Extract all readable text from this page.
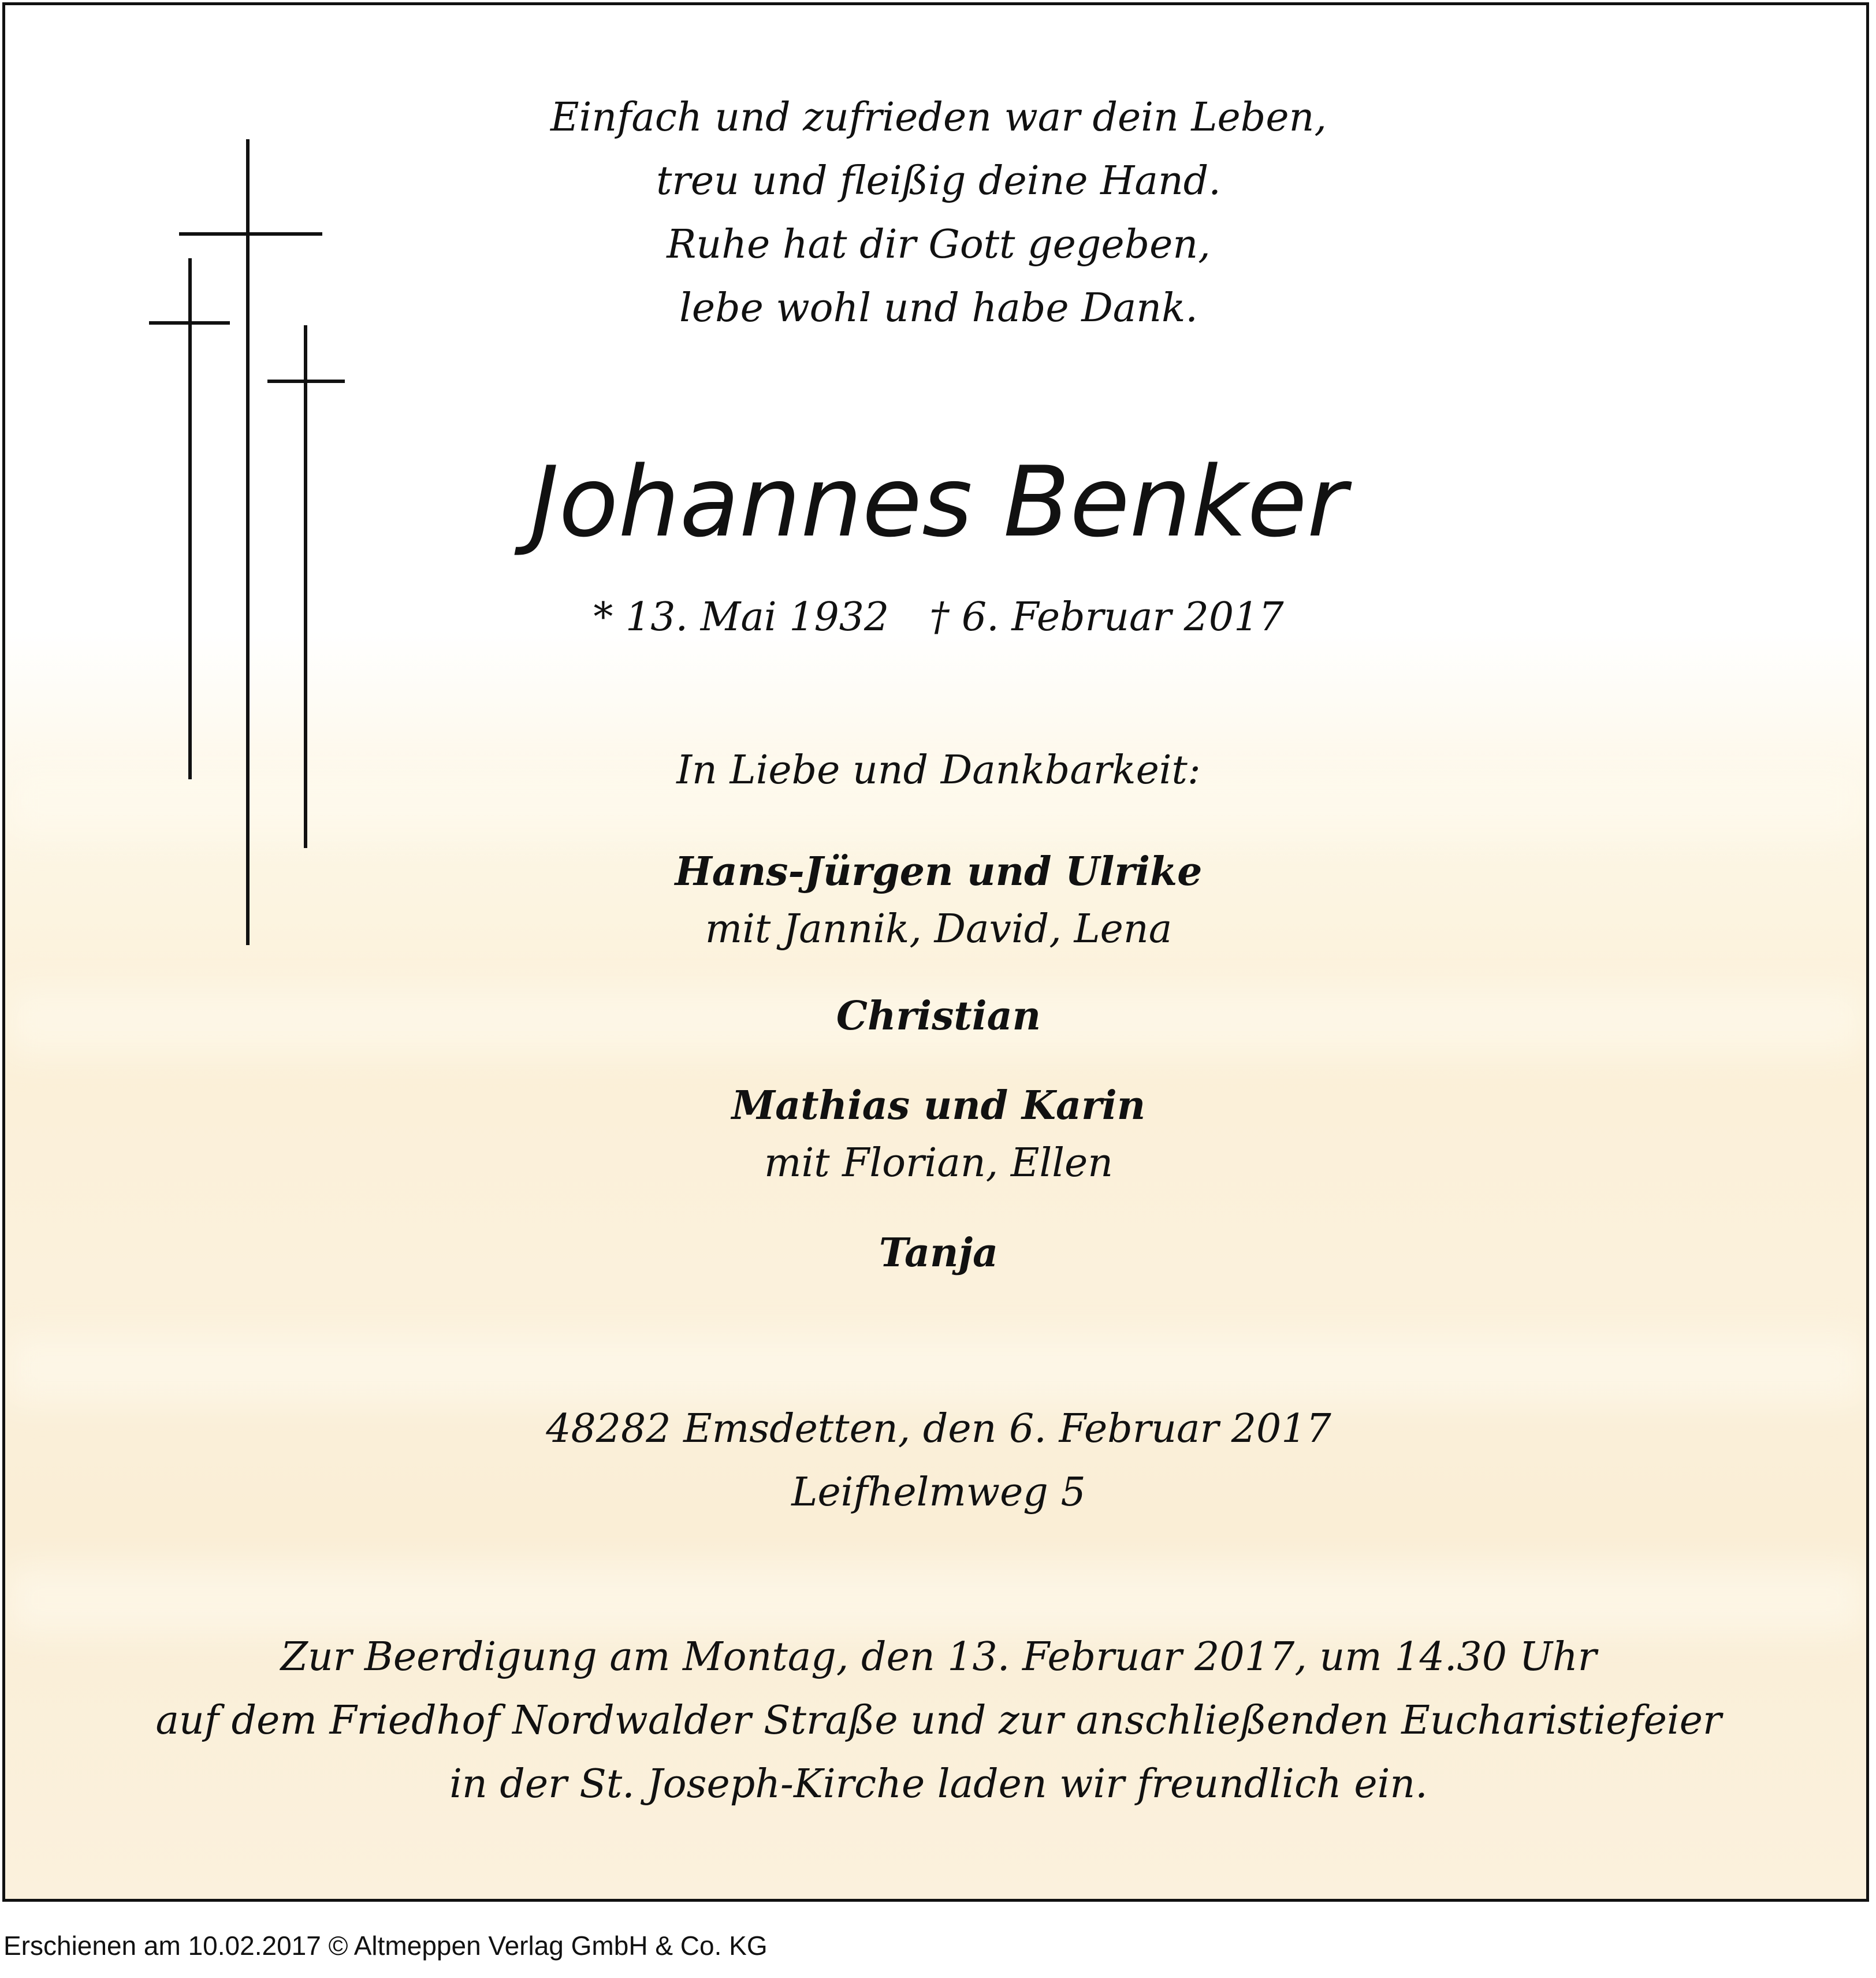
Einfach und zufrieden war dein Leben,
treu und fleißig deine Hand.
Ruhe hat dir Gott gegeben,
lebe wohl und habe Dank.
Johannes Benker
* 13. Mai 1932 † 6. Februar 2017
In Liebe und Dankbarkeit:
Hans-Jürgen und Ulrike
mit Jannik, David, Lena
Christian
Mathias und Karin
mit Florian, Ellen
Tanja
48282 Emsdetten, den 6. Februar 2017
Leifhelmweg 5
Zur Beerdigung am Montag, den 13. Februar 2017, um 14.30 Uhr
auf dem Friedhof Nordwalder Straße und zur anschließenden Eucharistiefeier
in der St. Joseph-Kirche laden wir freundlich ein.
Erschienen am 10.02.2017 © Altmeppen Verlag GmbH & Co. KG
